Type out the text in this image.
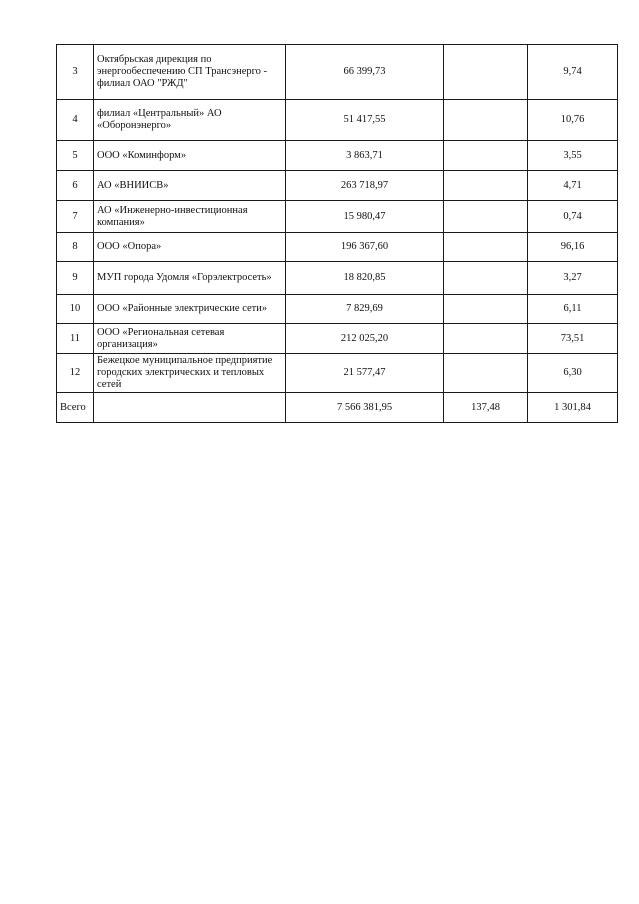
3	Октябрьская дирекция по энергообеспечению СП Трансэнерго - филиал ОАО "РЖД"	66 399,73		9,74
4	филиал «Центральный» АО «Оборонэнерго»	51 417,55		10,76
5	ООО «Коминформ»	3 863,71		3,55
6	АО «ВНИИСВ»	263 718,97		4,71
7	АО «Инженерно-инвестиционная компания»	15 980,47		0,74
8	ООО «Опора»	196 367,60		96,16
9	МУП города Удомля «Горэлектросеть»	18 820,85		3,27
10	ООО «Районные электрические сети»	7 829,69		6,11
11	ООО «Региональная сетевая организация»	212 025,20		73,51
12	Бежецкое муниципальное предприятие городских электрических и тепловых сетей	21 577,47		6,30
Всего		7 566 381,95	137,48	1 301,84
